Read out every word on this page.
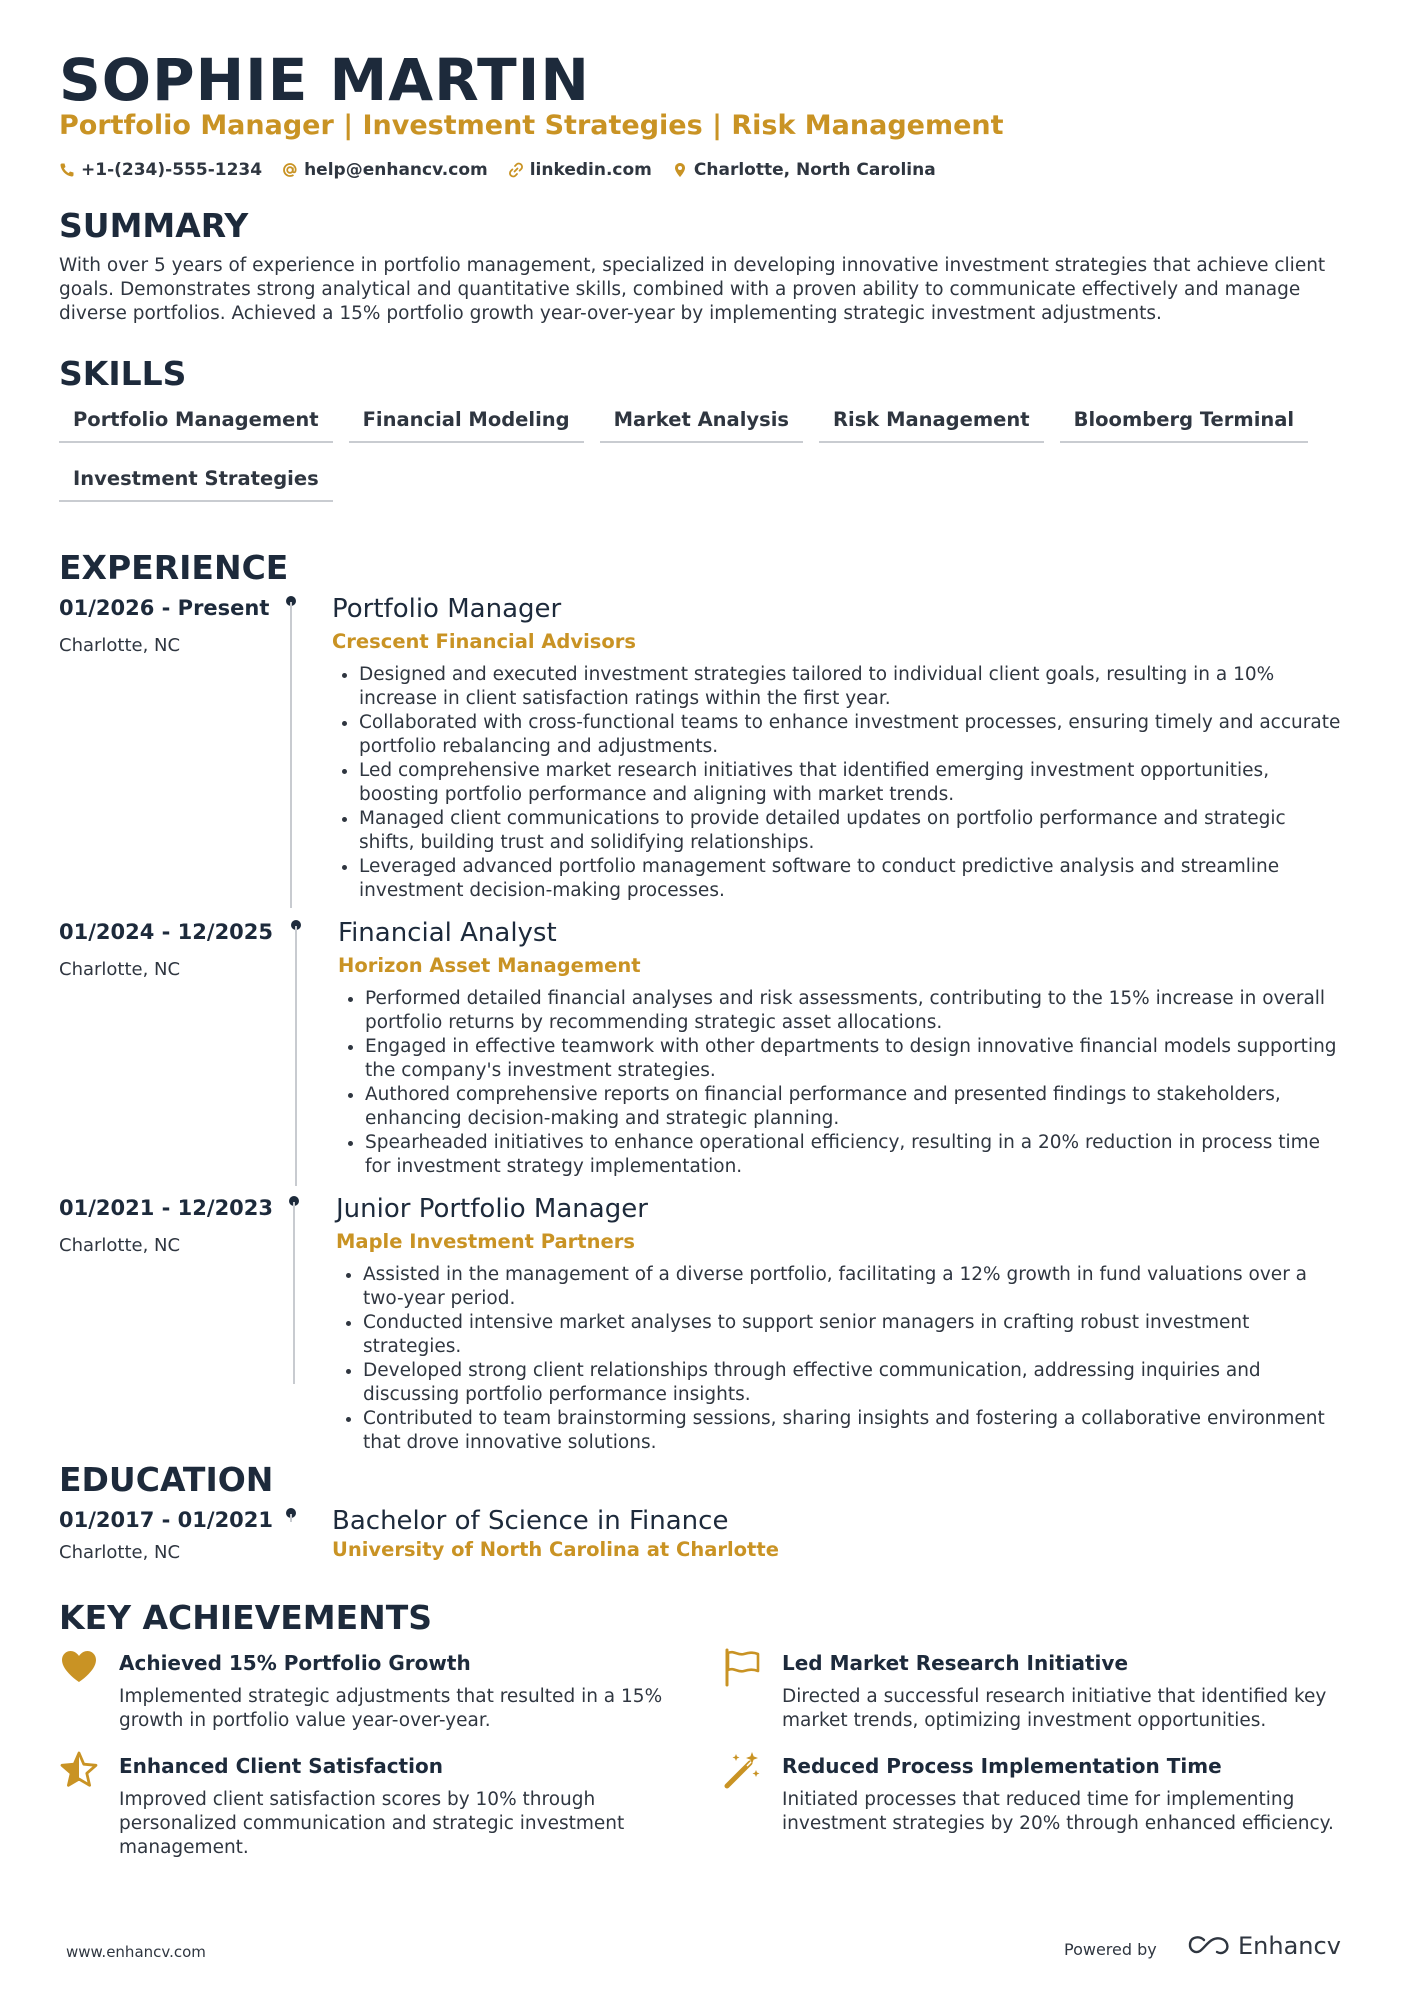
SOPHIE MARTIN
Portfolio Manager | Investment Strategies | Risk Management
+1-(234)-555-1234 help@enhancv.com linkedin.com Charlotte, North Carolina
SUMMARY
With over 5 years of experience in portfolio management, specialized in developing innovative investment strategies that achieve client goals. Demonstrates strong analytical and quantitative skills, combined with a proven ability to communicate effectively and manage diverse portfolios. Achieved a 15% portfolio growth year-over-year by implementing strategic investment adjustments.
SKILLS
Portfolio Management	Financial Modeling	Market Analysis	Risk Management	Bloomberg Terminal
Investment Strategies
EXPERIENCE
01/2026 - Present
Charlotte, NC
Portfolio Manager
Crescent Financial Advisors
• Designed and executed investment strategies tailored to individual client goals, resulting in a 10% increase in client satisfaction ratings within the first year.
• Collaborated with cross-functional teams to enhance investment processes, ensuring timely and accurate portfolio rebalancing and adjustments.
• Led comprehensive market research initiatives that identified emerging investment opportunities, boosting portfolio performance and aligning with market trends.
• Managed client communications to provide detailed updates on portfolio performance and strategic shifts, building trust and solidifying relationships.
• Leveraged advanced portfolio management software to conduct predictive analysis and streamline investment decision-making processes.
01/2024 - 12/2025
Charlotte, NC
Financial Analyst
Horizon Asset Management
• Performed detailed financial analyses and risk assessments, contributing to the 15% increase in overall portfolio returns by recommending strategic asset allocations.
• Engaged in effective teamwork with other departments to design innovative financial models supporting the company's investment strategies.
• Authored comprehensive reports on financial performance and presented findings to stakeholders, enhancing decision-making and strategic planning.
• Spearheaded initiatives to enhance operational efficiency, resulting in a 20% reduction in process time for investment strategy implementation.
01/2021 - 12/2023
Charlotte, NC
Junior Portfolio Manager
Maple Investment Partners
• Assisted in the management of a diverse portfolio, facilitating a 12% growth in fund valuations over a two-year period.
• Conducted intensive market analyses to support senior managers in crafting robust investment strategies.
• Developed strong client relationships through effective communication, addressing inquiries and discussing portfolio performance insights.
• Contributed to team brainstorming sessions, sharing insights and fostering a collaborative environment that drove innovative solutions.
EDUCATION
01/2017 - 01/2021
Charlotte, NC
Bachelor of Science in Finance
University of North Carolina at Charlotte
KEY ACHIEVEMENTS
Achieved 15% Portfolio Growth
Implemented strategic adjustments that resulted in a 15% growth in portfolio value year-over-year.
Led Market Research Initiative
Directed a successful research initiative that identified key market trends, optimizing investment opportunities.
Enhanced Client Satisfaction
Improved client satisfaction scores by 10% through personalized communication and strategic investment management.
Reduced Process Implementation Time
Initiated processes that reduced time for implementing investment strategies by 20% through enhanced efficiency.
www.enhancv.com	Powered by	Enhancv
